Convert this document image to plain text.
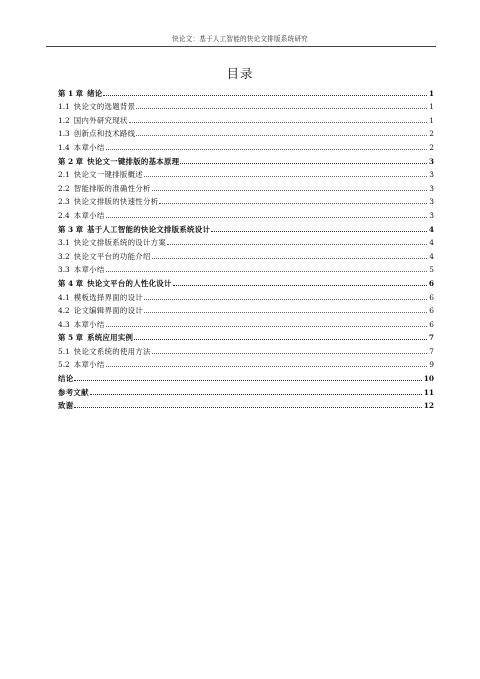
快论文：基于人工智能的快论文排版系统研究
目录
第 1 章 绪论	1
1.1 快论文的选题背景	1
1.2 国内外研究现状	1
1.3 创新点和技术路线	2
1.4 本章小结	2
第 2 章 快论文一键排版的基本原理	3
2.1 快论文一键排版概述	3
2.2 智能排版的准确性分析	3
2.3 快论文排版的快速性分析	3
2.4 本章小结	3
第 3 章 基于人工智能的快论文排版系统设计	4
3.1 快论文排版系统的设计方案	4
3.2 快论文平台的功能介绍	4
3.3 本章小结	5
第 4 章 快论文平台的人性化设计	6
4.1 模板选择界面的设计	6
4.2 论文编辑界面的设计	6
4.3 本章小结	6
第 5 章 系统应用实例	7
5.1 快论文系统的使用方法	7
5.2 本章小结	9
结论	10
参考文献	11
致谢	12
